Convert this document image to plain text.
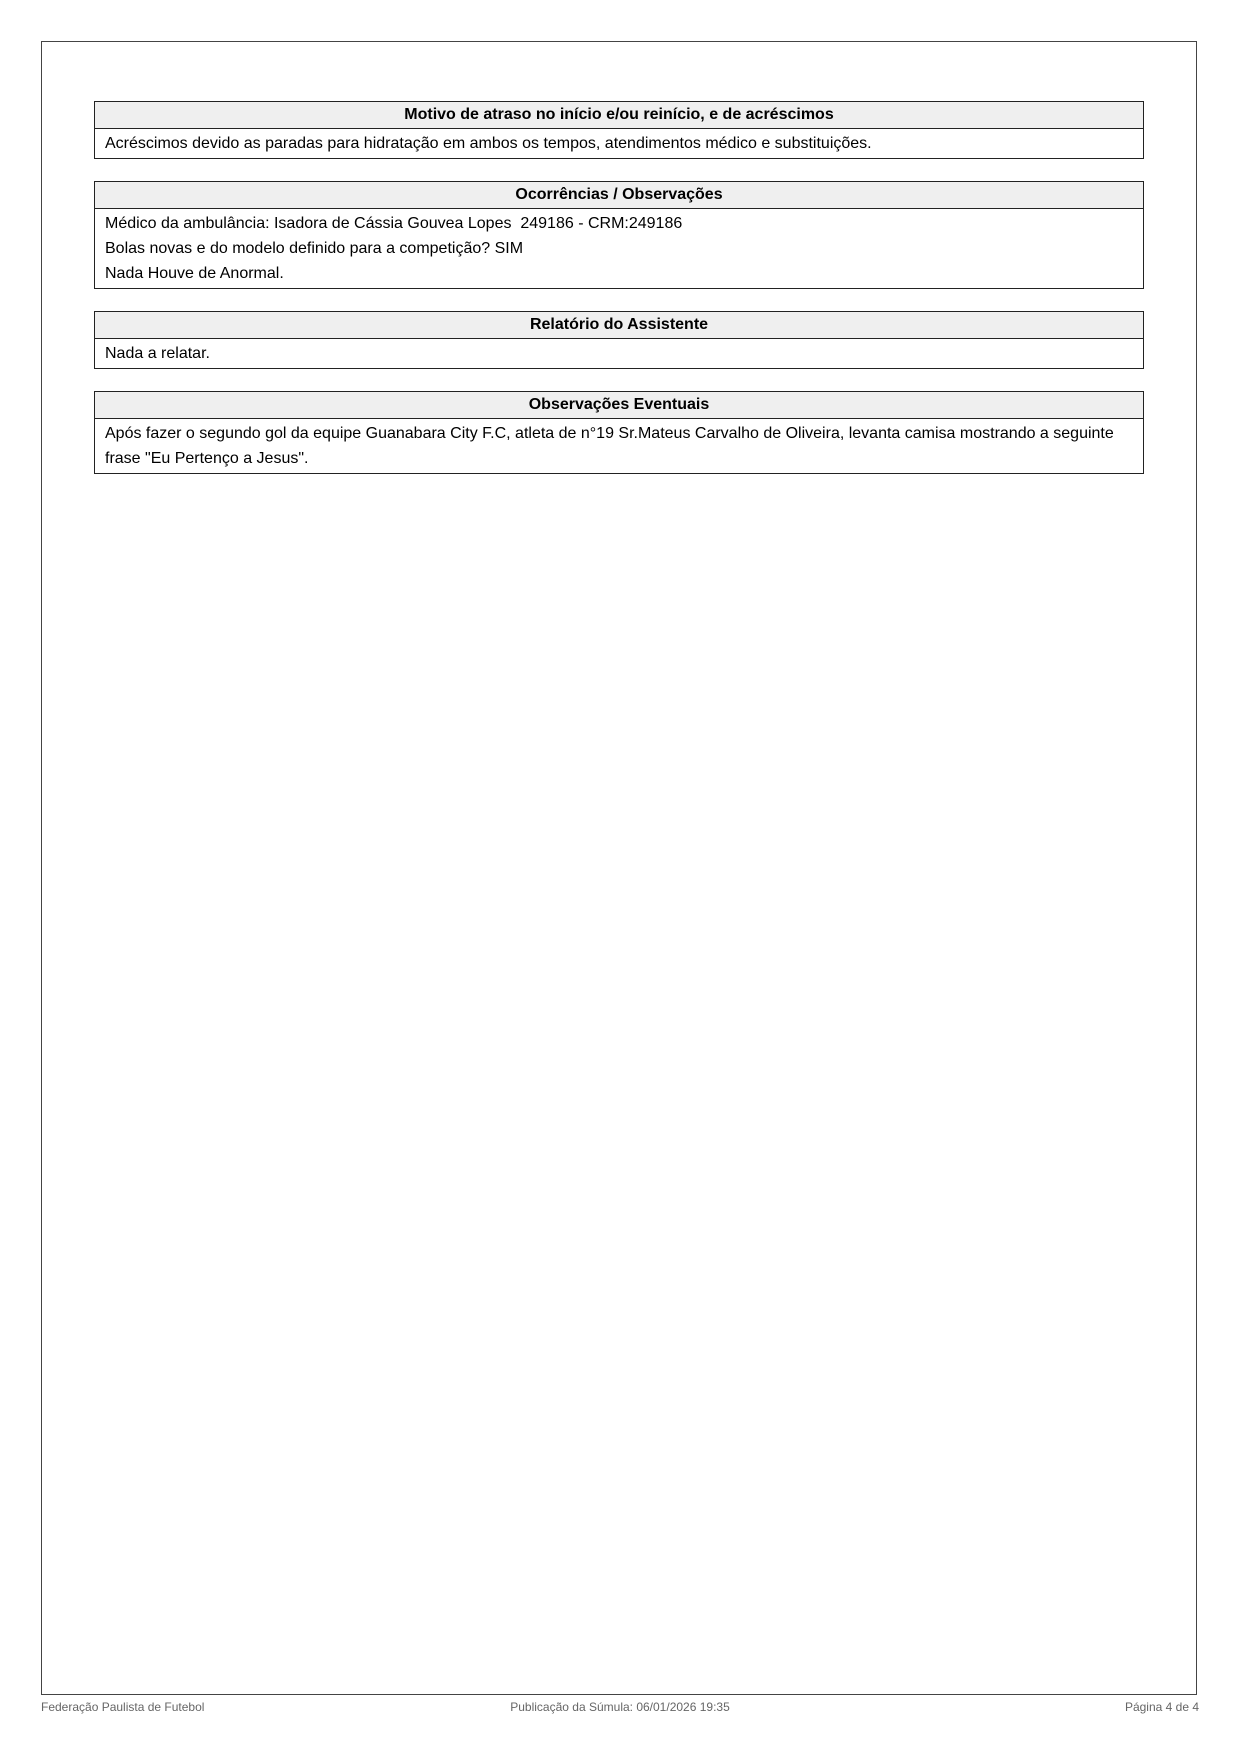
Motivo de atraso no início e/ou reinício, e de acréscimos
Acréscimos devido as paradas para hidratação em ambos os tempos, atendimentos médico e substituições.
Ocorrências / Observações
Médico da ambulância: Isadora de Cássia Gouvea Lopes  249186 - CRM:249186
Bolas novas e do modelo definido para a competição? SIM
Nada Houve de Anormal.
Relatório do Assistente
Nada a relatar.
Observações Eventuais
Após fazer o segundo gol da equipe Guanabara City F.C, atleta de n°19 Sr.Mateus Carvalho de Oliveira, levanta camisa mostrando a seguinte frase "Eu Pertenço a Jesus".
Federação Paulista de Futebol	Publicação da Súmula: 06/01/2026 19:35	Página 4 de 4
